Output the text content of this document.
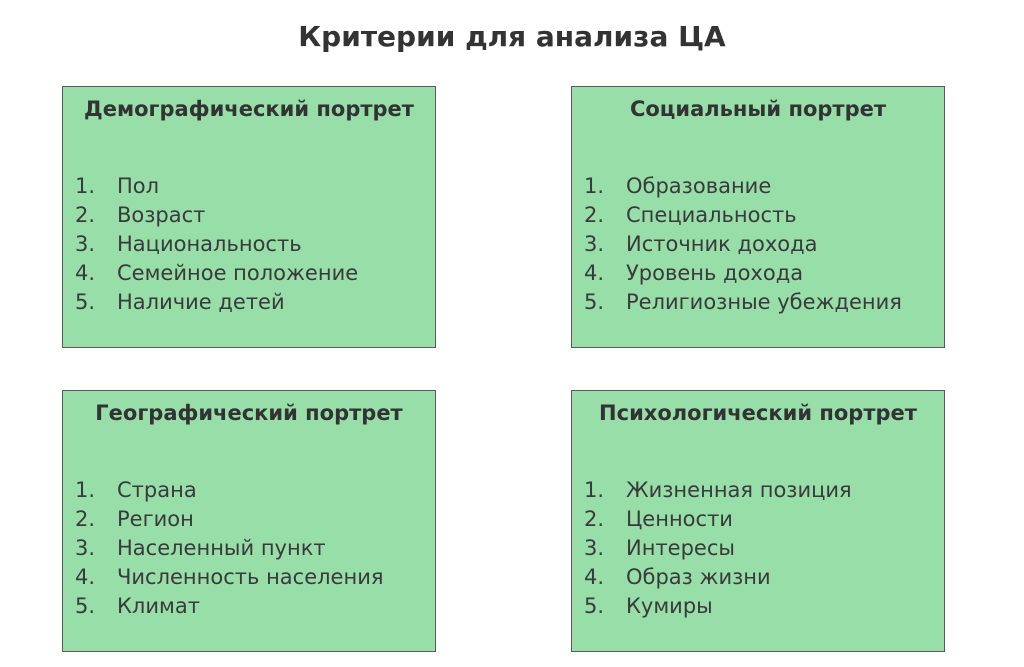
Критерии для анализа ЦА
Демографический портрет
1. Пол
2. Возраст
3. Национальность
4. Семейное положение
5. Наличие детей
Социальный портрет
1. Образование
2. Специальность
3. Источник дохода
4. Уровень дохода
5. Религиозные убеждения
Географический портрет
1. Страна
2. Регион
3. Населенный пункт
4. Численность населения
5. Климат
Психологический портрет
1. Жизненная позиция
2. Ценности
3. Интересы
4. Образ жизни
5. Кумиры
